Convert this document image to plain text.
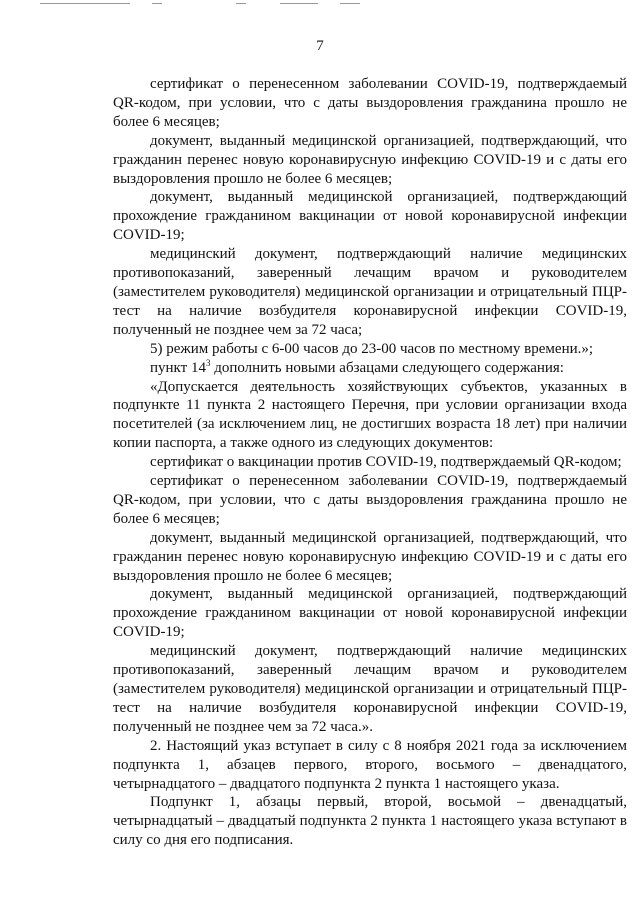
7

сертификат о перенесенном заболевании COVID-19, подтверждаемый QR-кодом, при условии, что с даты выздоровления гражданина прошло не более 6 месяцев;

документ, выданный медицинской организацией, подтверждающий, что гражданин перенес новую коронавирусную инфекцию COVID-19 и с даты его выздоровления прошло не более 6 месяцев;

документ, выданный медицинской организацией, подтверждающий прохождение гражданином вакцинации от новой коронавирусной инфекции COVID-19;

медицинский документ, подтверждающий наличие медицинских противопоказаний, заверенный лечащим врачом и руководителем (заместителем руководителя) медицинской организации и отрицательный ПЦР-тест на наличие возбудителя коронавирусной инфекции COVID-19, полученный не позднее чем за 72 часа;

5) режим работы с 6-00 часов до 23-00 часов по местному времени.»;

пункт $14^3$ дополнить новыми абзацами следующего содержания:

«Допускается деятельность хозяйствующих субъектов, указанных в подпункте 11 пункта 2 настоящего Перечня, при условии организации входа посетителей (за исключением лиц, не достигших возраста 18 лет) при наличии копии паспорта, а также одного из следующих документов:

сертификат о вакцинации против COVID-19, подтверждаемый QR-кодом;

сертификат о перенесенном заболевании COVID-19, подтверждаемый QR-кодом, при условии, что с даты выздоровления гражданина прошло не более 6 месяцев;

документ, выданный медицинской организацией, подтверждающий, что гражданин перенес новую коронавирусную инфекцию COVID-19 и с даты его выздоровления прошло не более 6 месяцев;

документ, выданный медицинской организацией, подтверждающий прохождение гражданином вакцинации от новой коронавирусной инфекции COVID-19;

медицинский документ, подтверждающий наличие медицинских противопоказаний, заверенный лечащим врачом и руководителем (заместителем руководителя) медицинской организации и отрицательный ПЦР-тест на наличие возбудителя коронавирусной инфекции COVID-19, полученный не позднее чем за 72 часа.».

2. Настоящий указ вступает в силу с 8 ноября 2021 года за исключением подпункта 1, абзацев первого, второго, восьмого – двенадцатого, четырнадцатого – двадцатого подпункта 2 пункта 1 настоящего указа.

Подпункт 1, абзацы первый, второй, восьмой – двенадцатый, четырнадцатый – двадцатый подпункта 2 пункта 1 настоящего указа вступают в силу со дня его подписания.
